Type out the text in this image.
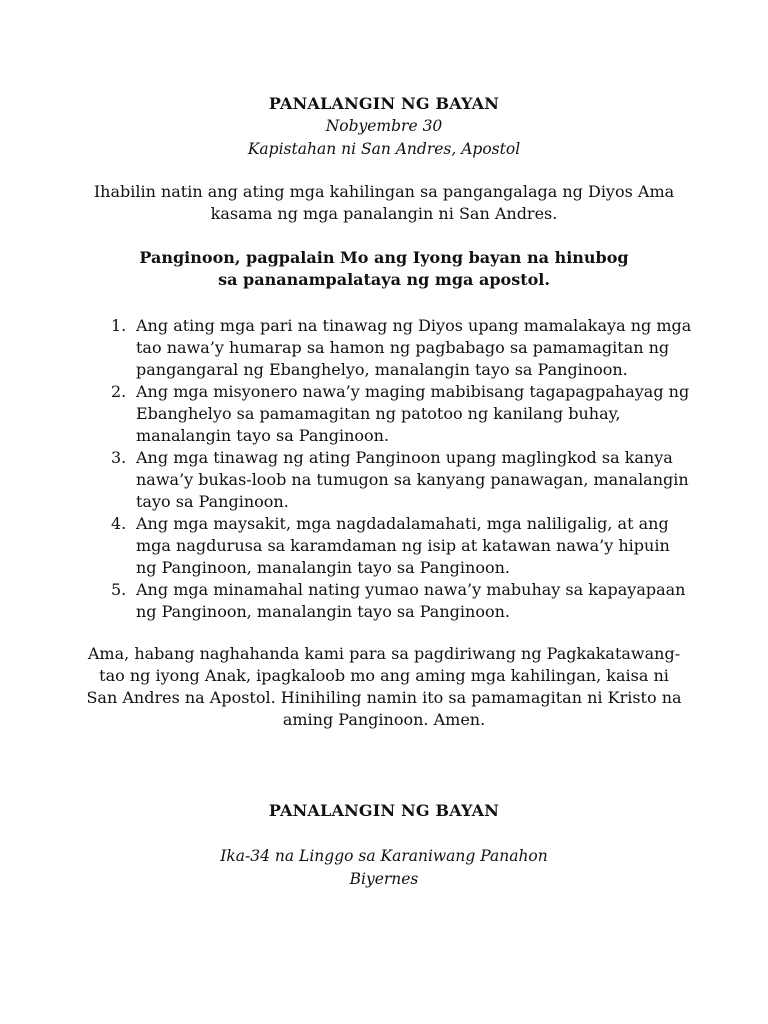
PANALANGIN NG BAYAN
Nobyembre 30
Kapistahan ni San Andres, Apostol
Ihabilin natin ang ating mga kahilingan sa pangangalaga ng Diyos Ama kasama ng mga panalangin ni San Andres.
Panginoon, pagpalain Mo ang Iyong bayan na hinubog
sa pananampalataya ng mga apostol.
1. Ang ating mga pari na tinawag ng Diyos upang mamalakaya ng mga tao nawa’y humarap sa hamon ng pagbabago sa pamamagitan ng pangangaral ng Ebanghelyo, manalangin tayo sa Panginoon.
2. Ang mga misyonero nawa’y maging mabibisang tagapagpahayag ng Ebanghelyo sa pamamagitan ng patotoo ng kanilang buhay, manalangin tayo sa Panginoon.
3. Ang mga tinawag ng ating Panginoon upang maglingkod sa kanya nawa’y bukas-loob na tumugon sa kanyang panawagan, manalangin tayo sa Panginoon.
4. Ang mga maysakit, mga nagdadalamahati, mga naliligalig, at ang mga nagdurusa sa karamdaman ng isip at katawan nawa’y hipuin ng Panginoon, manalangin tayo sa Panginoon.
5. Ang mga minamahal nating yumao nawa’y mabuhay sa kapayapaan ng Panginoon, manalangin tayo sa Panginoon.
Ama, habang naghahanda kami para sa pagdiriwang ng Pagkakatawang-tao ng iyong Anak, ipagkaloob mo ang aming mga kahilingan, kaisa ni San Andres na Apostol. Hinihiling namin ito sa pamamagitan ni Kristo na aming Panginoon. Amen.
PANALANGIN NG BAYAN
Ika-34 na Linggo sa Karaniwang Panahon
Biyernes
